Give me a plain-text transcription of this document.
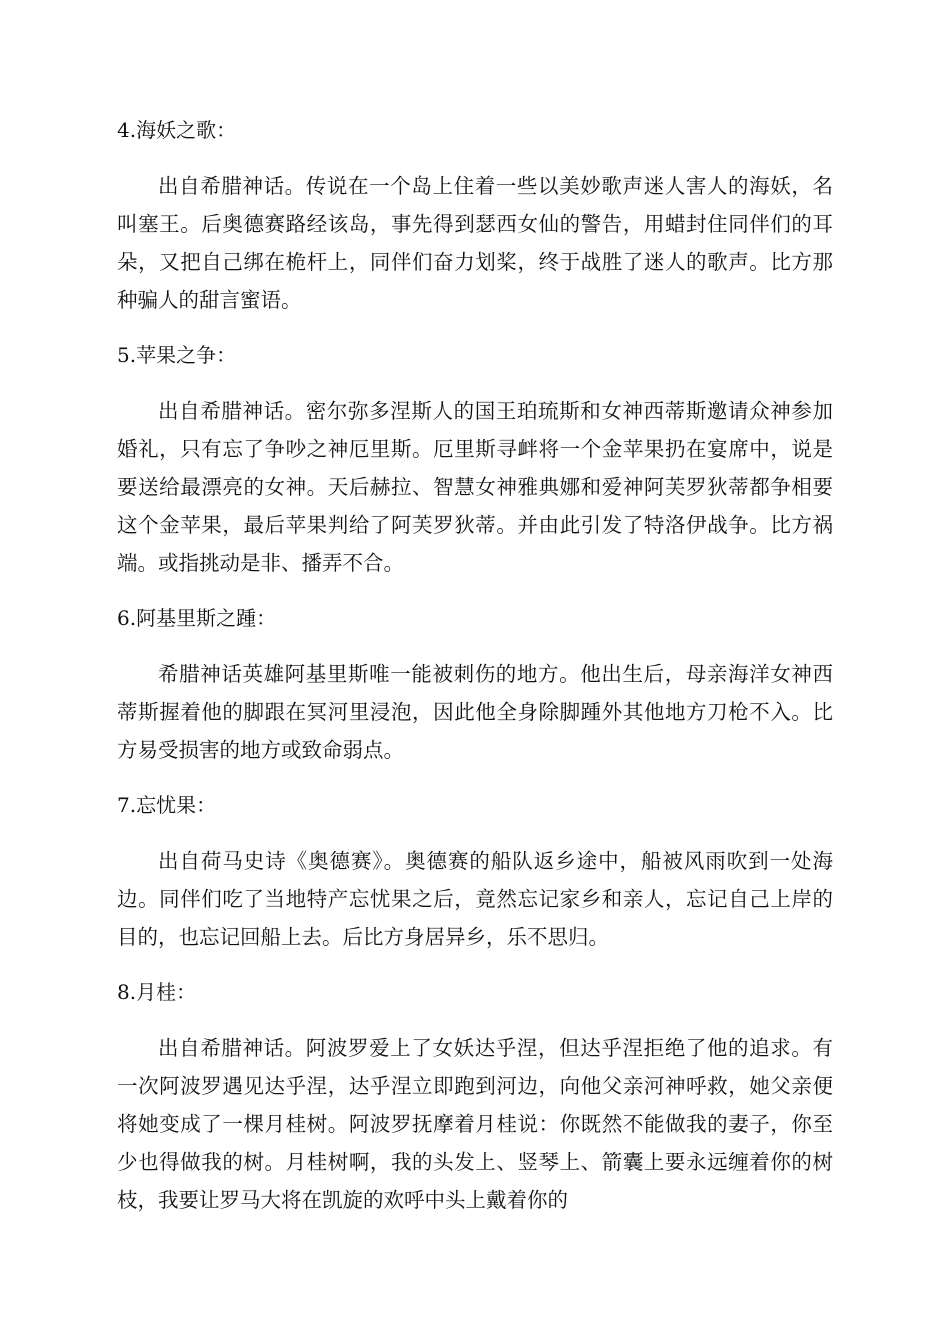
4.海妖之歌：
出自希腊神话。传说在一个岛上住着一些以美妙歌声迷人害人的海妖，名叫塞王。后奥德赛路经该岛，事先得到瑟西女仙的警告，用蜡封住同伴们的耳朵，又把自己绑在桅杆上，同伴们奋力划桨，终于战胜了迷人的歌声。比方那种骗人的甜言蜜语。
5.苹果之争：
出自希腊神话。密尔弥多涅斯人的国王珀琉斯和女神西蒂斯邀请众神参加婚礼，只有忘了争吵之神厄里斯。厄里斯寻衅将一个金苹果扔在宴席中，说是要送给最漂亮的女神。天后赫拉、智慧女神雅典娜和爱神阿芙罗狄蒂都争相要这个金苹果，最后苹果判给了阿芙罗狄蒂。并由此引发了特洛伊战争。比方祸端。或指挑动是非、播弄不合。
6.阿基里斯之踵：
希腊神话英雄阿基里斯唯一能被刺伤的地方。他出生后，母亲海洋女神西蒂斯握着他的脚跟在冥河里浸泡，因此他全身除脚踵外其他地方刀枪不入。比方易受损害的地方或致命弱点。
7.忘忧果：
出自荷马史诗《奥德赛》。奥德赛的船队返乡途中，船被风雨吹到一处海边。同伴们吃了当地特产忘忧果之后，竟然忘记家乡和亲人，忘记自己上岸的目的，也忘记回船上去。后比方身居异乡，乐不思归。
8.月桂：
出自希腊神话。阿波罗爱上了女妖达乎涅，但达乎涅拒绝了他的追求。有一次阿波罗遇见达乎涅，达乎涅立即跑到河边，向他父亲河神呼救，她父亲便将她变成了一棵月桂树。阿波罗抚摩着月桂说：你既然不能做我的妻子，你至少也得做我的树。月桂树啊，我的头发上、竖琴上、箭囊上要永远缠着你的树枝，我要让罗马大将在凯旋的欢呼中头上戴着你的
